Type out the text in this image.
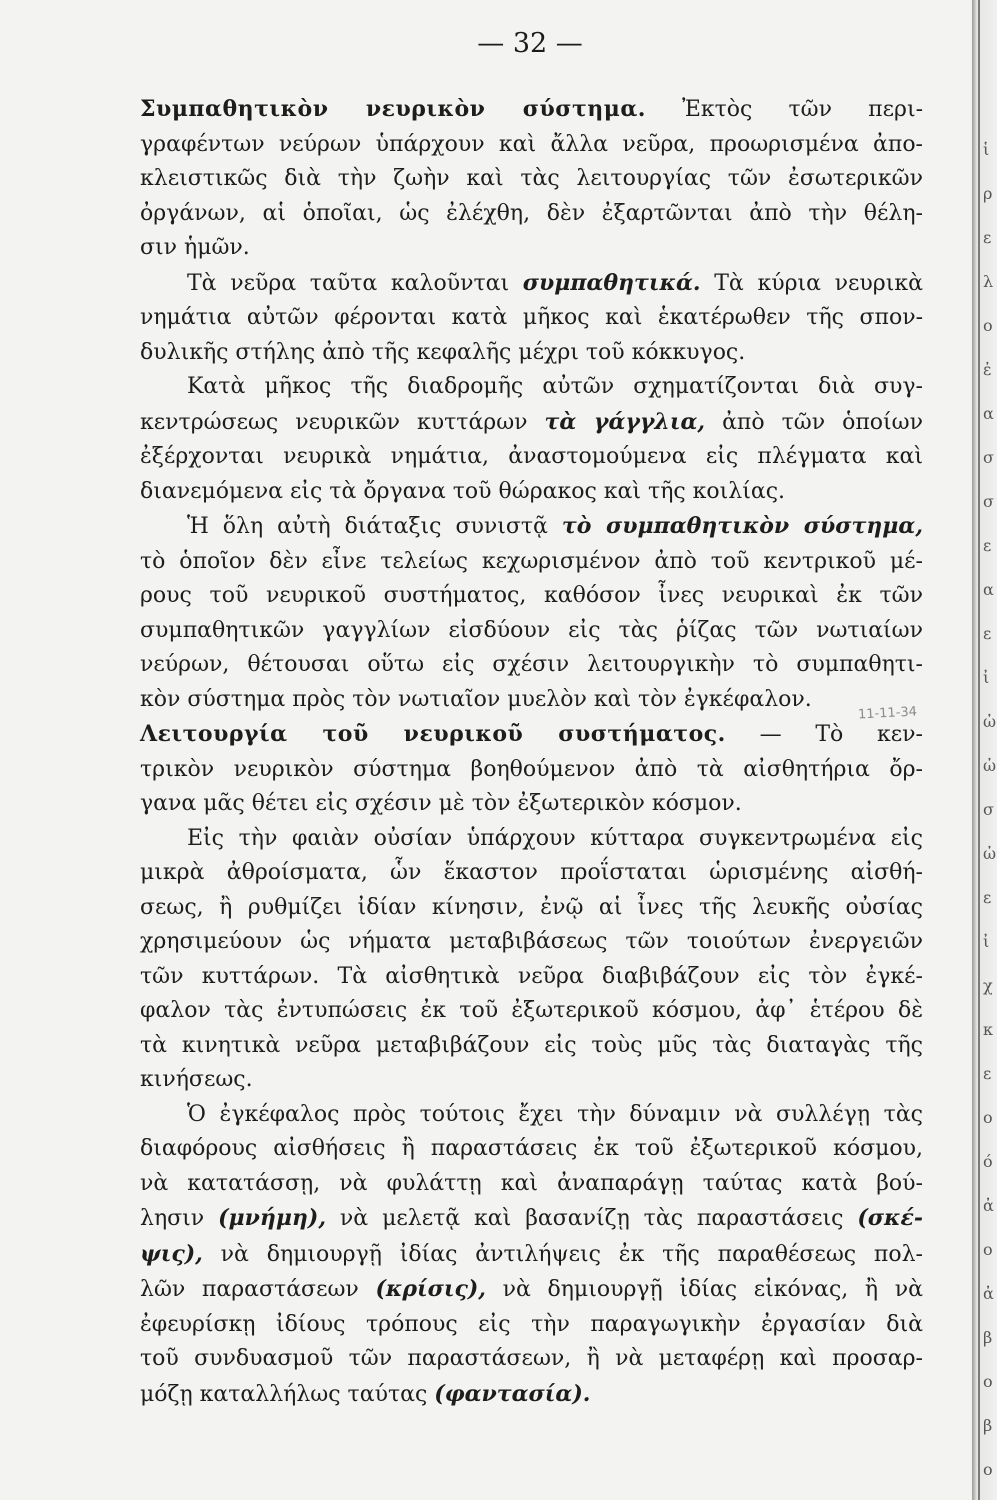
— 32 —
Συμπαθητικὸν νευρικὸν σύστημα. Ἐκτὸς τῶν περι-
γραφέντων νεύρων ὑπάρχουν καὶ ἄλλα νεῦρα, προωρισμένα ἀπο-
κλειστικῶς διὰ τὴν ζωὴν καὶ τὰς λειτουργίας τῶν ἐσωτερικῶν
ὀργάνων, αἱ ὁποῖαι, ὡς ἐλέχθη, δὲν ἐξαρτῶνται ἀπὸ τὴν θέλη-
σιν ἡμῶν.
Τὰ νεῦρα ταῦτα καλοῦνται συμπαθητικά. Τὰ κύρια νευρικὰ
νημάτια αὐτῶν φέρονται κατὰ μῆκος καὶ ἑκατέρωθεν τῆς σπον-
δυλικῆς στήλης ἀπὸ τῆς κεφαλῆς μέχρι τοῦ κόκκυγος.
Κατὰ μῆκος τῆς διαδρομῆς αὐτῶν σχηματίζονται διὰ συγ-
κεντρώσεως νευρικῶν κυττάρων τὰ γάγγλια, ἀπὸ τῶν ὁποίων
ἐξέρχονται νευρικὰ νημάτια, ἀναστομούμενα εἰς πλέγματα καὶ
διανεμόμενα εἰς τὰ ὄργανα τοῦ θώρακος καὶ τῆς κοιλίας.
Ἡ ὅλη αὐτὴ διάταξις συνιστᾷ τὸ συμπαθητικὸν σύστημα,
τὸ ὁποῖον δὲν εἶνε τελείως κεχωρισμένον ἀπὸ τοῦ κεντρικοῦ μέ-
ρους τοῦ νευρικοῦ συστήματος, καθόσον ἶνες νευρικαὶ ἐκ τῶν
συμπαθητικῶν γαγγλίων εἰσδύουν εἰς τὰς ῥίζας τῶν νωτιαίων
νεύρων, θέτουσαι οὕτω εἰς σχέσιν λειτουργικὴν τὸ συμπαθητι-
κὸν σύστημα πρὸς τὸν νωτιαῖον μυελὸν καὶ τὸν ἐγκέφαλον.
Λειτουργία τοῦ νευρικοῦ συστήματος. — Τὸ κεν-
τρικὸν νευρικὸν σύστημα βοηθούμενον ἀπὸ τὰ αἰσθητήρια ὄρ-
γανα μᾶς θέτει εἰς σχέσιν μὲ τὸν ἐξωτερικὸν κόσμον.
Εἰς τὴν φαιὰν οὐσίαν ὑπάρχουν κύτταρα συγκεντρωμένα εἰς
μικρὰ ἀθροίσματα, ὧν ἕκαστον προΐσταται ὡρισμένης αἰσθή-
σεως, ἢ ρυθμίζει ἰδίαν κίνησιν, ἐνῷ αἱ ἶνες τῆς λευκῆς οὐσίας
χρησιμεύουν ὡς νήματα μεταβιβάσεως τῶν τοιούτων ἐνεργειῶν
τῶν κυττάρων. Τὰ αἰσθητικὰ νεῦρα διαβιβάζουν εἰς τὸν ἐγκέ-
φαλον τὰς ἐντυπώσεις ἐκ τοῦ ἐξωτερικοῦ κόσμου, ἀφ᾽ ἑτέρου δὲ
τὰ κινητικὰ νεῦρα μεταβιβάζουν εἰς τοὺς μῦς τὰς διαταγὰς τῆς
κινήσεως.
Ὁ ἐγκέφαλος πρὸς τούτοις ἔχει τὴν δύναμιν νὰ συλλέγῃ τὰς
διαφόρους αἰσθήσεις ἢ παραστάσεις ἐκ τοῦ ἐξωτερικοῦ κόσμου,
νὰ κατατάσσῃ, νὰ φυλάττῃ καὶ ἀναπαράγῃ ταύτας κατὰ βού-
λησιν (μνήμη), νὰ μελετᾷ καὶ βασανίζῃ τὰς παραστάσεις (σκέ-
ψις), νὰ δημιουργῇ ἰδίας ἀντιλήψεις ἐκ τῆς παραθέσεως πολ-
λῶν παραστάσεων (κρίσις), νὰ δημιουργῇ ἰδίας εἰκόνας, ἢ νὰ
ἐφευρίσκῃ ἰδίους τρόπους εἰς τὴν παραγωγικὴν ἐργασίαν διὰ
τοῦ συνδυασμοῦ τῶν παραστάσεων, ἢ νὰ μεταφέρῃ καὶ προσαρ-
μόζῃ καταλλήλως ταύτας (φαντασία).
11-11-34
ἱ
ρ
ε
λ
ο
ἐ
α
σ
σ
ε
α
ε
ἰ
ὡ
ὠ
σ
ὠ
ε
ἰ
χ
κ
ε
ο
ό
ἀ
ο
ἀ
β
ο
β
ο
